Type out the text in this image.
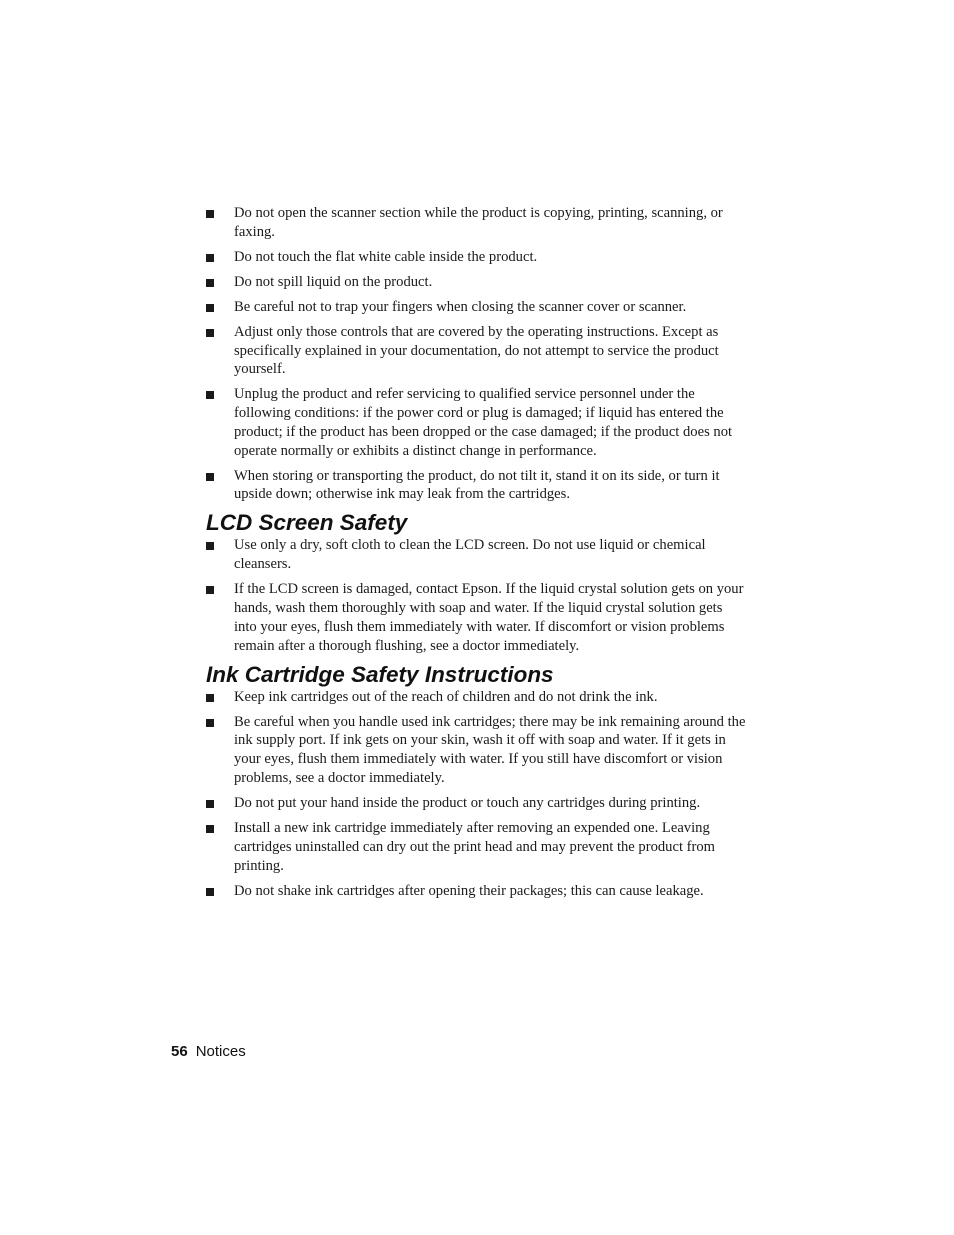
Do not open the scanner section while the product is copying, printing, scanning, or faxing.
Do not touch the flat white cable inside the product.
Do not spill liquid on the product.
Be careful not to trap your fingers when closing the scanner cover or scanner.
Adjust only those controls that are covered by the operating instructions. Except as specifically explained in your documentation, do not attempt to service the product yourself.
Unplug the product and refer servicing to qualified service personnel under the following conditions: if the power cord or plug is damaged; if liquid has entered the product; if the product has been dropped or the case damaged; if the product does not operate normally or exhibits a distinct change in performance.
When storing or transporting the product, do not tilt it, stand it on its side, or turn it upside down; otherwise ink may leak from the cartridges.
LCD Screen Safety
Use only a dry, soft cloth to clean the LCD screen. Do not use liquid or chemical cleansers.
If the LCD screen is damaged, contact Epson. If the liquid crystal solution gets on your hands, wash them thoroughly with soap and water. If the liquid crystal solution gets into your eyes, flush them immediately with water. If discomfort or vision problems remain after a thorough flushing, see a doctor immediately.
Ink Cartridge Safety Instructions
Keep ink cartridges out of the reach of children and do not drink the ink.
Be careful when you handle used ink cartridges; there may be ink remaining around the ink supply port. If ink gets on your skin, wash it off with soap and water. If it gets in your eyes, flush them immediately with water. If you still have discomfort or vision problems, see a doctor immediately.
Do not put your hand inside the product or touch any cartridges during printing.
Install a new ink cartridge immediately after removing an expended one. Leaving cartridges uninstalled can dry out the print head and may prevent the product from printing.
Do not shake ink cartridges after opening their packages; this can cause leakage.
56 Notices
